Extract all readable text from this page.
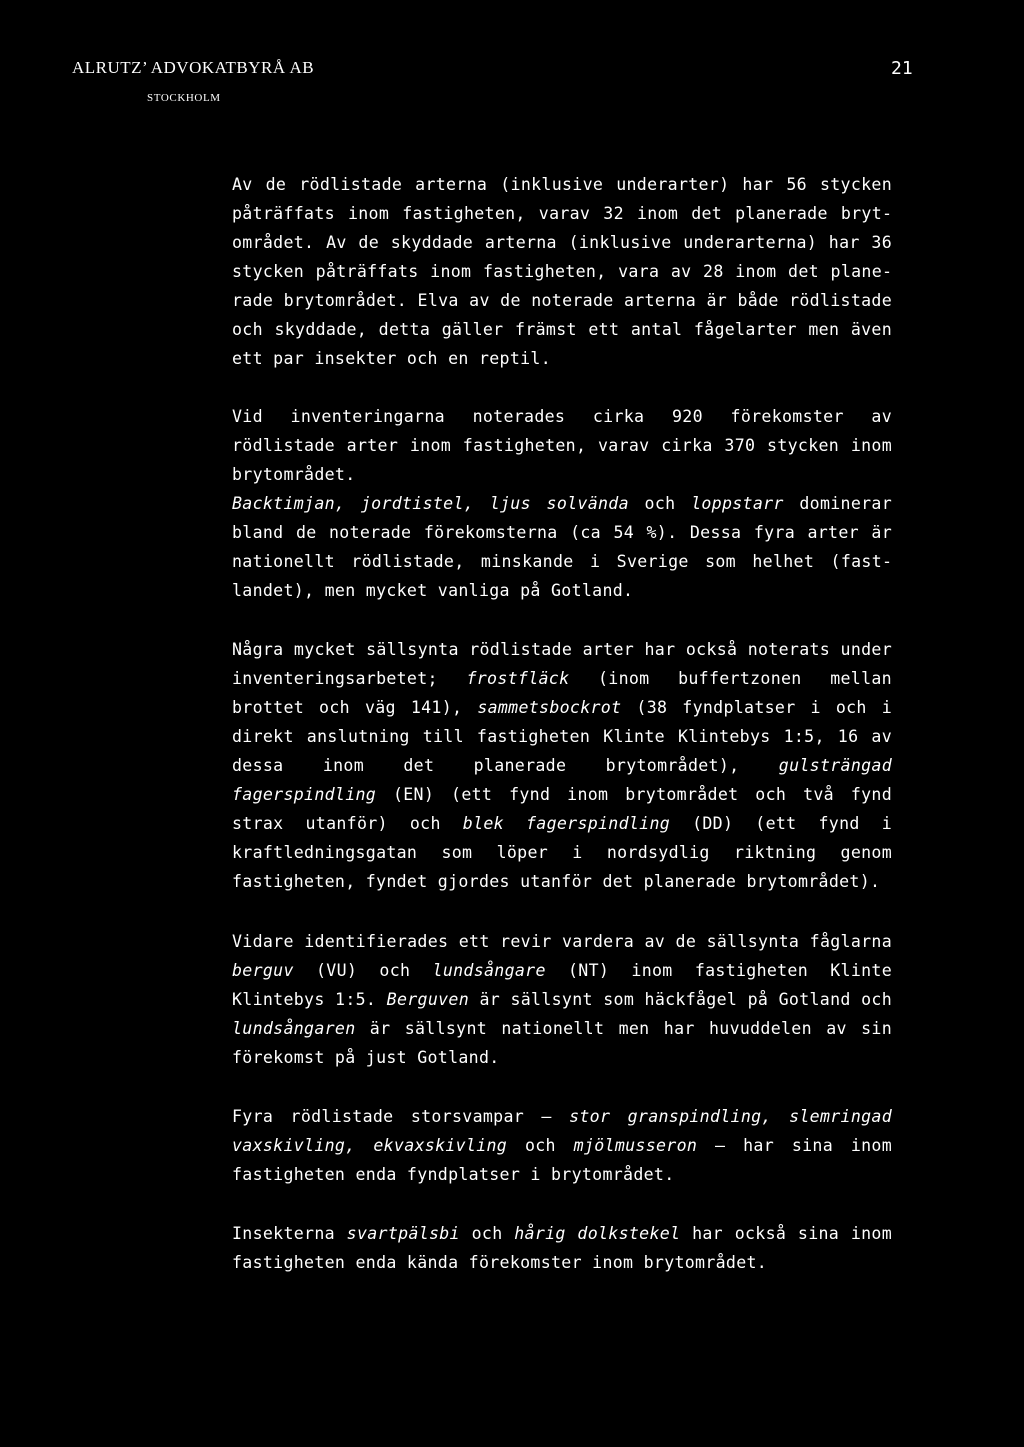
ALRUTZ’ ADVOKATBYRÅ AB

STOCKHOLM

21

Av de rödlistade arterna (inklusive underarter) har 56 stycken påträffats inom fastigheten, varav 32 inom det planerade brytområdet. Av de skyddade arterna (inklusive underarterna) har 36 stycken påträffats inom fastigheten, vara av 28 inom det planerade brytområdet. Elva av de noterade arterna är både rödlistade och skyddade, detta gäller främst ett antal fågelarter men även ett par insekter och en reptil.

Vid inventeringarna noterades cirka 920 förekomster av rödlistade arter inom fastigheten, varav cirka 370 stycken inom brytområdet.

Backtimjan, jordtistel, ljus solvända och loppstarr dominerar bland de noterade förekomsterna (ca 54 %). Dessa fyra arter är nationellt rödlistade, minskande i Sverige som helhet (fastlandet), men mycket vanliga på Gotland.

Några mycket sällsynta rödlistade arter har också noterats under inventeringsarbetet; frostfläck (inom buffertzonen mellan brottet och väg 141), sammetsbockrot (38 fyndplatser i och i direkt anslutning till fastigheten Klinte Klintebys 1:5, 16 av dessa inom det planerade brytområdet), gulsträngad fagerspindling (EN) (ett fynd inom brytområdet och två fynd strax utanför) och blek fagerspindling (DD) (ett fynd i kraftledningsgatan som löper i nordsydlig riktning genom fastigheten, fyndet gjordes utanför det planerade brytområdet).

Vidare identifierades ett revir vardera av de sällsynta fåglarna berguv (VU) och lundsångare (NT) inom fastigheten Klinte Klintebys 1:5. Berguven är sällsynt som häckfågel på Gotland och lundsångaren är sällsynt nationellt men har huvuddelen av sin förekomst på just Gotland.

Fyra rödlistade storsvampar — stor granspindling, slemringad vaxskivling, ekvaxskivling och mjölmusseron — har sina inom fastigheten enda fyndplatser i brytområdet.

Insekterna svartpälsbi och hårig dolkstekel har också sina inom fastigheten enda kända förekomster inom brytområdet.
